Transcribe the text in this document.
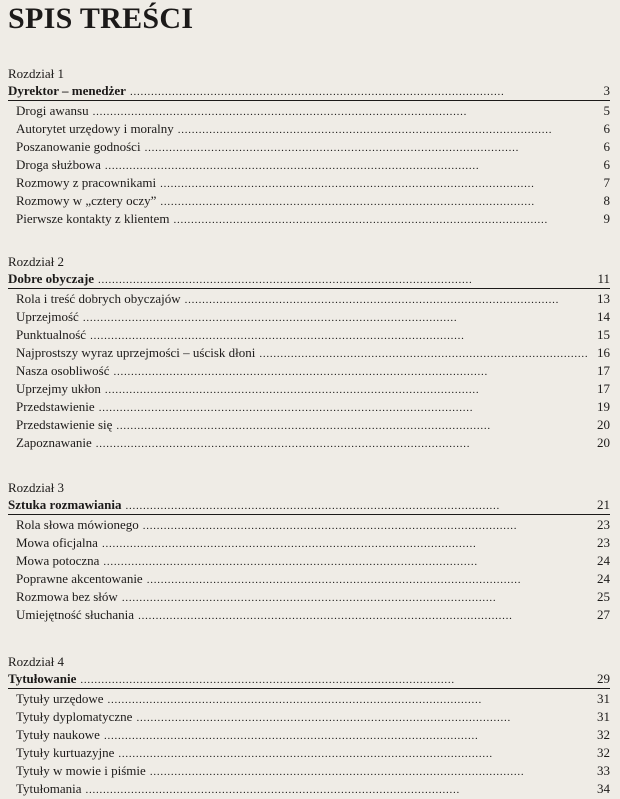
SPIS TREŚCI
Rozdział 1
Dyrektor – menedżer . . .	3
Drogi awansu . . .	5
Autorytet urzędowy i moralny . . .	6
Poszanowanie godności . . .	6
Droga służbowa . . .	6
Rozmowy z pracownikami . . .	7
Rozmowy w „cztery oczy” . . .	8
Pierwsze kontakty z klientem . . .	9
Rozdział 2
Dobre obyczaje . . .	11
Rola i treść dobrych obyczajów . . .	13
Uprzejmość . . .	14
Punktualność . . .	15
Najprostszy wyraz uprzejmości – uścisk dłoni . . .	16
Nasza osobliwość . . .	17
Uprzejmy ukłon . . .	17
Przedstawienie . . .	19
Przedstawienie się . . .	20
Zapoznawanie . . .	20
Rozdział 3
Sztuka rozmawiania . . .	21
Rola słowa mówionego . . .	23
Mowa oficjalna . . .	23
Mowa potoczna . . .	24
Poprawne akcentowanie . . .	24
Rozmowa bez słów . . .	25
Umiejętność słuchania . . .	27
Rozdział 4
Tytułowanie . . .	29
Tytuły urzędowe . . .	31
Tytuły dyplomatyczne . . .	31
Tytuły naukowe . . .	32
Tytuły kurtuazyjne . . .	32
Tytuły w mowie i piśmie . . .	33
Tytułomania . . .	34
